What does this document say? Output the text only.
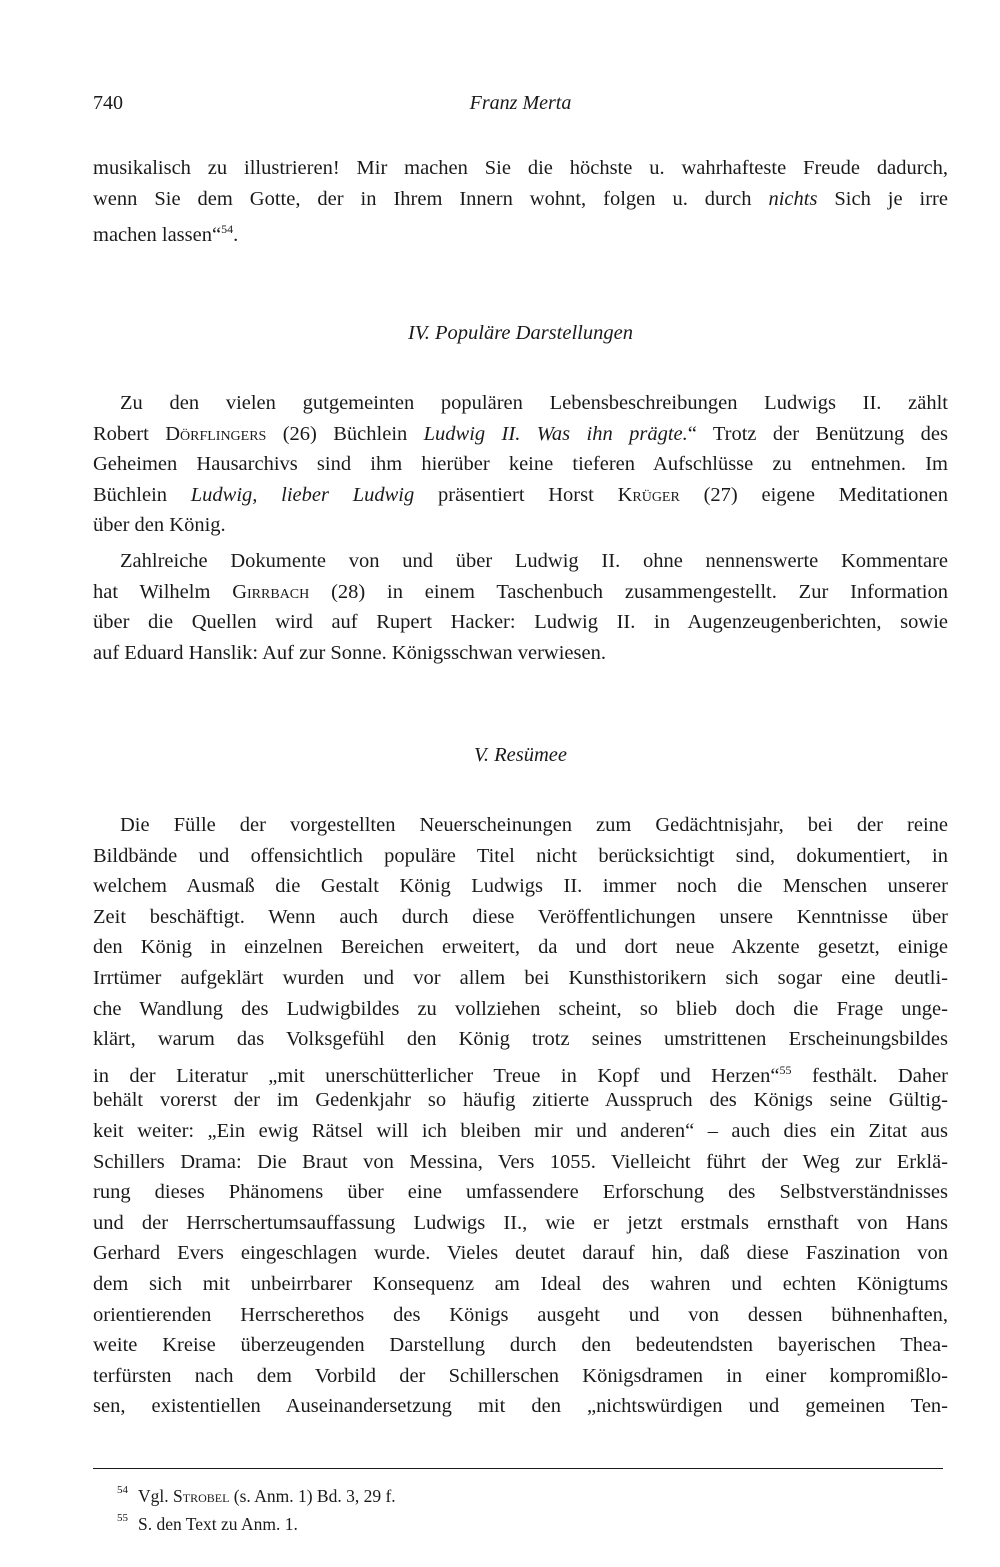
740	Franz Merta
musikalisch zu illustrieren! Mir machen Sie die höchste u. wahrhafteste Freude dadurch,
wenn Sie dem Gotte, der in Ihrem Innern wohnt, folgen u. durch nichts Sich je irre
machen lassen“$^{54}$.
IV. Populäre Darstellungen
Zu den vielen gutgemeinten populären Lebensbeschreibungen Ludwigs II. zählt
Robert Dörflingers (26) Büchlein Ludwig II. Was ihn prägte.“ Trotz der Benützung des
Geheimen Hausarchivs sind ihm hierüber keine tieferen Aufschlüsse zu entnehmen. Im
Büchlein Ludwig, lieber Ludwig präsentiert Horst Krüger (27) eigene Meditationen
über den König.
Zahlreiche Dokumente von und über Ludwig II. ohne nennenswerte Kommentare
hat Wilhelm Girrbach (28) in einem Taschenbuch zusammengestellt. Zur Information
über die Quellen wird auf Rupert Hacker: Ludwig II. in Augenzeugenberichten, sowie
auf Eduard Hanslik: Auf zur Sonne. Königsschwan verwiesen.
V. Resümee
Die Fülle der vorgestellten Neuerscheinungen zum Gedächtnisjahr, bei der reine
Bildbände und offensichtlich populäre Titel nicht berücksichtigt sind, dokumentiert, in
welchem Ausmaß die Gestalt König Ludwigs II. immer noch die Menschen unserer
Zeit beschäftigt. Wenn auch durch diese Veröffentlichungen unsere Kenntnisse über
den König in einzelnen Bereichen erweitert, da und dort neue Akzente gesetzt, einige
Irrtümer aufgeklärt wurden und vor allem bei Kunsthistorikern sich sogar eine deutli-
che Wandlung des Ludwigbildes zu vollziehen scheint, so blieb doch die Frage unge-
klärt, warum das Volksgefühl den König trotz seines umstrittenen Erscheinungsbildes
in der Literatur „mit unerschütterlicher Treue in Kopf und Herzen“$^{55}$ festhält. Daher
behält vorerst der im Gedenkjahr so häufig zitierte Ausspruch des Königs seine Gültig-
keit weiter: „Ein ewig Rätsel will ich bleiben mir und anderen“ – auch dies ein Zitat aus
Schillers Drama: Die Braut von Messina, Vers 1055. Vielleicht führt der Weg zur Erklä-
rung dieses Phänomens über eine umfassendere Erforschung des Selbstverständnisses
und der Herrschertumsauffassung Ludwigs II., wie er jetzt erstmals ernsthaft von Hans
Gerhard Evers eingeschlagen wurde. Vieles deutet darauf hin, daß diese Faszination von
dem sich mit unbeirrbarer Konsequenz am Ideal des wahren und echten Königtums
orientierenden Herrscherethos des Königs ausgeht und von dessen bühnenhaften,
weite Kreise überzeugenden Darstellung durch den bedeutendsten bayerischen Thea-
terfürsten nach dem Vorbild der Schillerschen Königsdramen in einer kompromißlo-
sen, existentiellen Auseinandersetzung mit den „nichtswürdigen und gemeinen Ten-
$^{54}$ Vgl. Strobel (s. Anm. 1) Bd. 3, 29 f.
$^{55}$ S. den Text zu Anm. 1.
